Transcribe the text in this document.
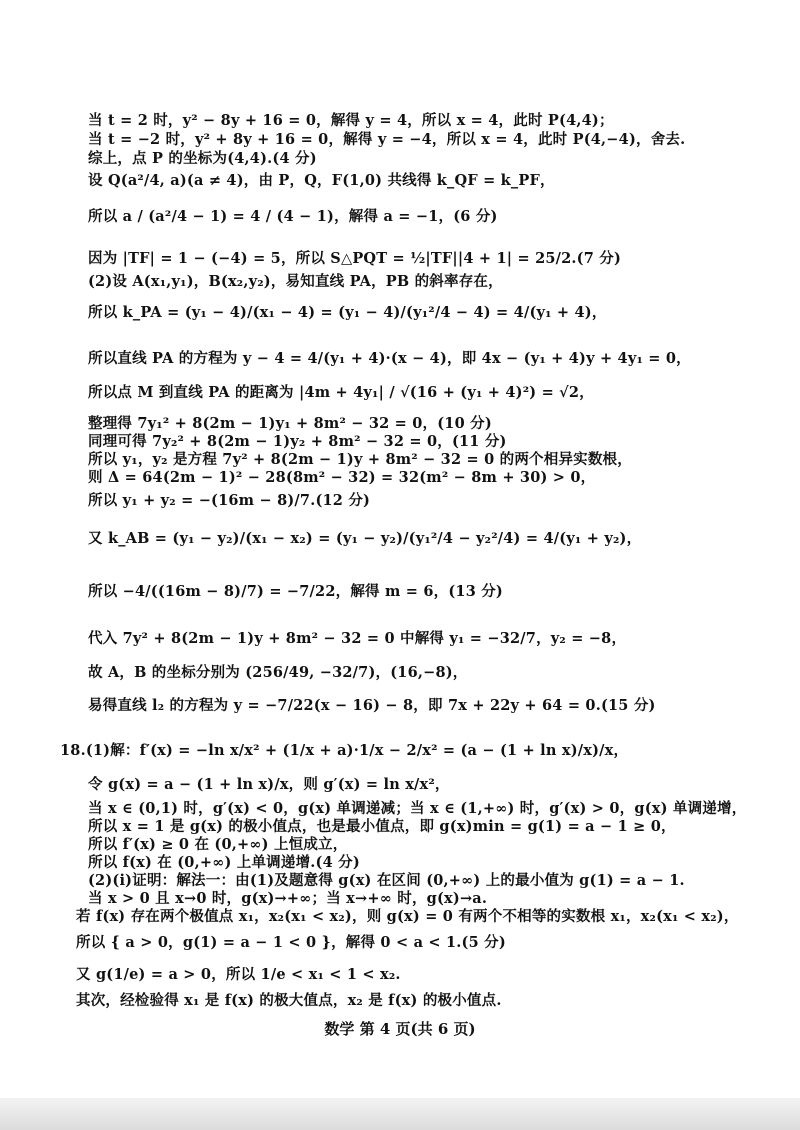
当 t = 2 时，y² − 8y + 16 = 0，解得 y = 4，所以 x = 4，此时 P(4,4)；
当 t = −2 时，y² + 8y + 16 = 0，解得 y = −4，所以 x = 4，此时 P(4,−4)，舍去.
综上，点 P 的坐标为(4,4).(4 分)
设 Q(a²/4, a)(a ≠ 4)，由 P，Q，F(1,0) 共线得 k_QF = k_PF，
所以 a / (a²/4 − 1) = 4 / (4 − 1)，解得 a = −1，(6 分)
因为 |TF| = 1 − (−4) = 5，所以 S△PQT = ½|TF||4 + 1| = 25/2.(7 分)
(2)设 A(x₁,y₁)，B(x₂,y₂)，易知直线 PA，PB 的斜率存在，
所以 k_PA = (y₁ − 4)/(x₁ − 4) = (y₁ − 4)/(y₁²/4 − 4) = 4/(y₁ + 4)，
所以直线 PA 的方程为 y − 4 = 4/(y₁ + 4)·(x − 4)，即 4x − (y₁ + 4)y + 4y₁ = 0，
所以点 M 到直线 PA 的距离为 |4m + 4y₁| / √(16 + (y₁ + 4)²) = √2，
整理得 7y₁² + 8(2m − 1)y₁ + 8m² − 32 = 0，(10 分)
同理可得 7y₂² + 8(2m − 1)y₂ + 8m² − 32 = 0，(11 分)
所以 y₁，y₂ 是方程 7y² + 8(2m − 1)y + 8m² − 32 = 0 的两个相异实数根，
则 Δ = 64(2m − 1)² − 28(8m² − 32) = 32(m² − 8m + 30) > 0，
所以 y₁ + y₂ = −(16m − 8)/7.(12 分)
又 k_AB = (y₁ − y₂)/(x₁ − x₂) = (y₁ − y₂)/(y₁²/4 − y₂²/4) = 4/(y₁ + y₂)，
所以 −4/((16m − 8)/7) = −7/22，解得 m = 6，(13 分)
代入 7y² + 8(2m − 1)y + 8m² − 32 = 0 中解得 y₁ = −32/7，y₂ = −8，
故 A，B 的坐标分别为 (256/49, −32/7)，(16,−8)，
易得直线 l₂ 的方程为 y = −7/22(x − 16) − 8，即 7x + 22y + 64 = 0.(15 分)
18.(1)解：f′(x) = −ln x/x² + (1/x + a)·1/x − 2/x² = (a − (1 + ln x)/x)/x，
令 g(x) = a − (1 + ln x)/x，则 g′(x) = ln x/x²，
当 x ∈ (0,1) 时，g′(x) < 0，g(x) 单调递减；当 x ∈ (1,+∞) 时，g′(x) > 0，g(x) 单调递增，
所以 x = 1 是 g(x) 的极小值点，也是最小值点，即 g(x)min = g(1) = a − 1 ≥ 0，
所以 f′(x) ≥ 0 在 (0,+∞) 上恒成立，
所以 f(x) 在 (0,+∞) 上单调递增.(4 分)
(2)(i)证明：解法一：由(1)及题意得 g(x) 在区间 (0,+∞) 上的最小值为 g(1) = a − 1.
当 x > 0 且 x→0 时，g(x)→+∞；当 x→+∞ 时，g(x)→a.
若 f(x) 存在两个极值点 x₁，x₂(x₁ < x₂)，则 g(x) = 0 有两个不相等的实数根 x₁，x₂(x₁ < x₂)，
所以 { a > 0，g(1) = a − 1 < 0 }，解得 0 < a < 1.(5 分)
又 g(1/e) = a > 0，所以 1/e < x₁ < 1 < x₂.
其次，经检验得 x₁ 是 f(x) 的极大值点，x₂ 是 f(x) 的极小值点.
数学 第 4 页(共 6 页)
